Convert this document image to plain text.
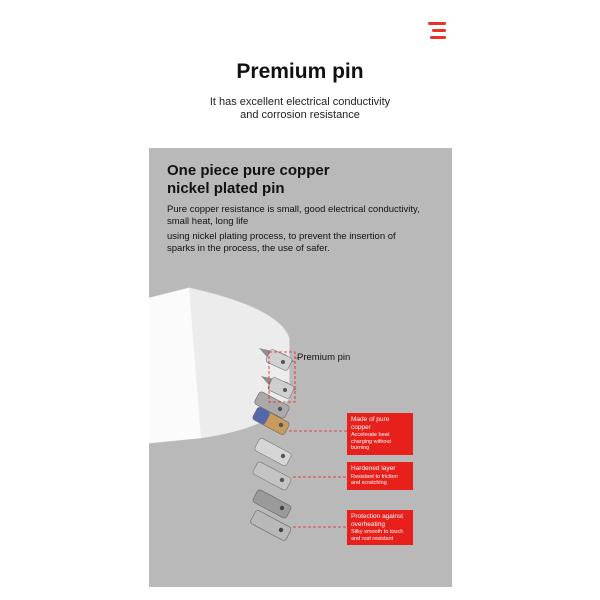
Premium pin
It has excellent electrical conductivity
and corrosion resistance
One piece pure copper
nickel plated pin
Pure copper resistance is small, good electrical conductivity,
small heat, long life
using nickel plating process, to prevent the insertion of
sparks in the process, the use of safer.
Premium pin
Made of pure copper
Accelerate heat
charging without
burning
Hardened layer
Resistant to friction
and scratching
Protection against overheating
Silky smooth to touch
and rust resistant
